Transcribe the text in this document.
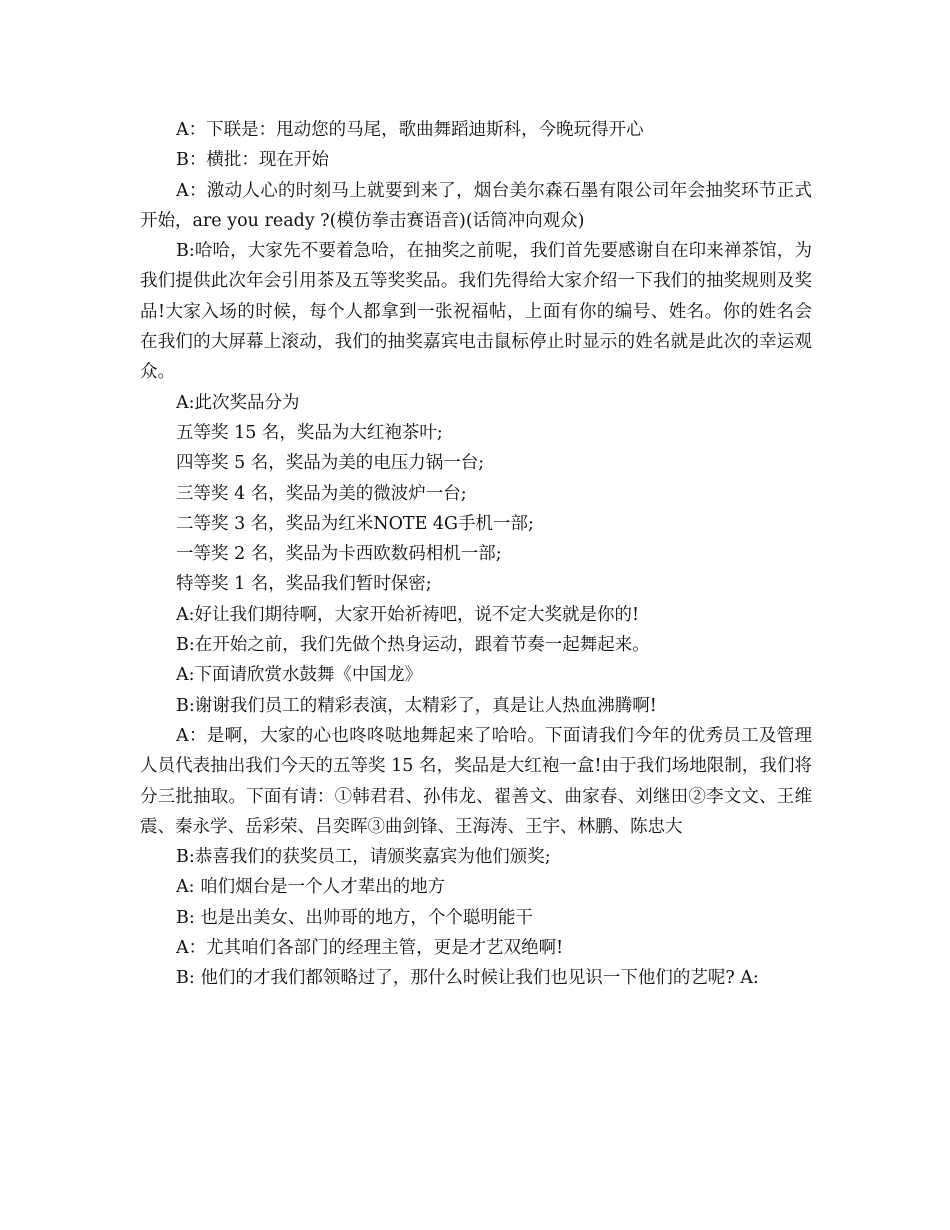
A：下联是：甩动您的马尾，歌曲舞蹈迪斯科，今晚玩得开心

B：横批：现在开始

A：激动人心的时刻马上就要到来了，烟台美尔森石墨有限公司年会抽奖环节正式开始，are you ready ?(模仿拳击赛语音)(话筒冲向观众)

B:哈哈，大家先不要着急哈，在抽奖之前呢，我们首先要感谢自在印来禅茶馆，为我们提供此次年会引用茶及五等奖奖品。我们先得给大家介绍一下我们的抽奖规则及奖品!大家入场的时候，每个人都拿到一张祝福帖，上面有你的编号、姓名。你的姓名会在我们的大屏幕上滚动，我们的抽奖嘉宾电击鼠标停止时显示的姓名就是此次的幸运观众。

A:此次奖品分为

五等奖 15 名，奖品为大红袍茶叶;

四等奖 5 名，奖品为美的电压力锅一台;

三等奖 4 名，奖品为美的微波炉一台;

二等奖 3 名，奖品为红米NOTE 4G手机一部;

一等奖 2 名，奖品为卡西欧数码相机一部;

特等奖 1 名，奖品我们暂时保密;

A:好让我们期待啊，大家开始祈祷吧，说不定大奖就是你的!

B:在开始之前，我们先做个热身运动，跟着节奏一起舞起来。

A:下面请欣赏水鼓舞《中国龙》

B:谢谢我们员工的精彩表演，太精彩了，真是让人热血沸腾啊!

A：是啊，大家的心也咚咚哒地舞起来了哈哈。下面请我们今年的优秀员工及管理人员代表抽出我们今天的五等奖 15 名，奖品是大红袍一盒!由于我们场地限制，我们将分三批抽取。下面有请：①韩君君、孙伟龙、翟善文、曲家春、刘继田②李文文、王维震、秦永学、岳彩荣、吕奕晖③曲剑锋、王海涛、王宇、林鹏、陈忠大

B:恭喜我们的获奖员工，请颁奖嘉宾为他们颁奖;

A: 咱们烟台是一个人才辈出的地方

B: 也是出美女、出帅哥的地方，个个聪明能干

A：尤其咱们各部门的经理主管，更是才艺双绝啊!

B: 他们的才我们都领略过了，那什么时候让我们也见识一下他们的艺呢? A:
